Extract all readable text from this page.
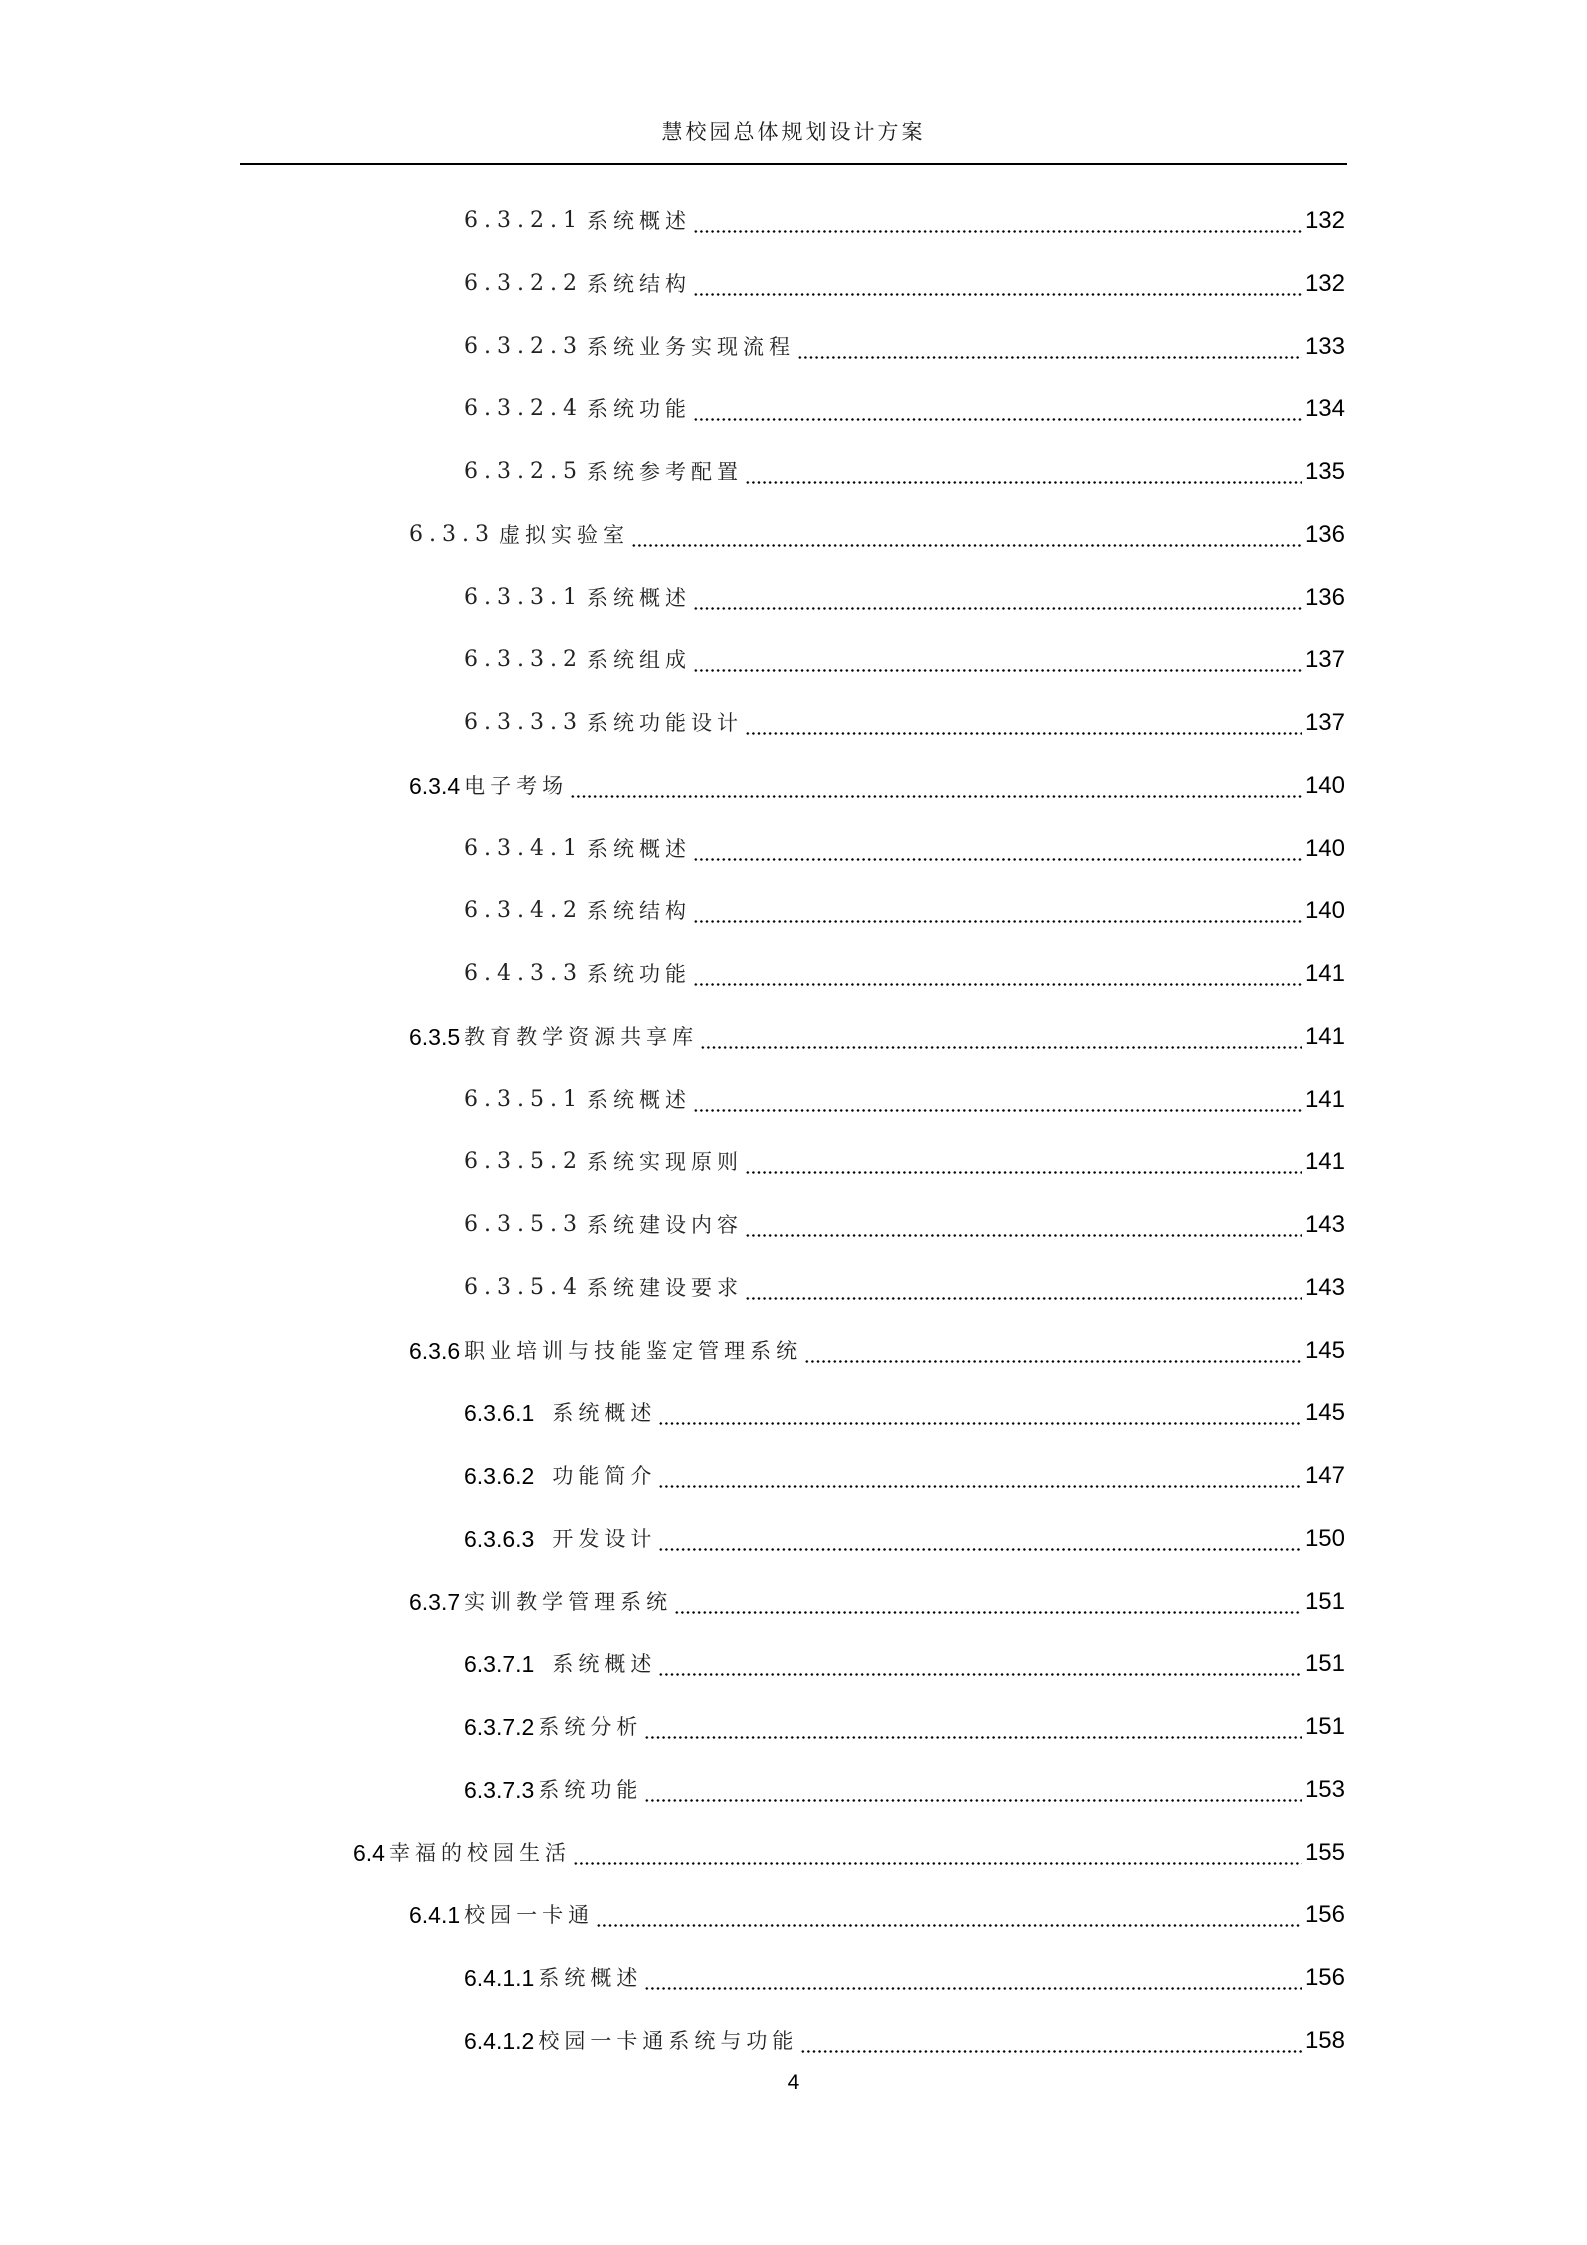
慧校园总体规划设计方案
6.3.2.1 系统概述	132
6.3.2.2 系统结构	132
6.3.2.3 系统业务实现流程	133
6.3.2.4 系统功能	134
6.3.2.5 系统参考配置	135
6.3.3 虚拟实验室	136
6.3.3.1 系统概述	136
6.3.3.2 系统组成	137
6.3.3.3 系统功能设计	137
6.3.4 电子考场	140
6.3.4.1 系统概述	140
6.3.4.2 系统结构	140
6.4.3.3 系统功能	141
6.3.5 教育教学资源共享库	141
6.3.5.1 系统概述	141
6.3.5.2 系统实现原则	141
6.3.5.3 系统建设内容	143
6.3.5.4 系统建设要求	143
6.3.6 职业培训与技能鉴定管理系统	145
6.3.6.1 系统概述	145
6.3.6.2 功能简介	147
6.3.6.3 开发设计	150
6.3.7 实训教学管理系统	151
6.3.7.1 系统概述	151
6.3.7.2 系统分析	151
6.3.7.3 系统功能	153
6.4 幸福的校园生活	155
6.4.1 校园一卡通	156
6.4.1.1 系统概述	156
6.4.1.2 校园一卡通系统与功能	158
4
